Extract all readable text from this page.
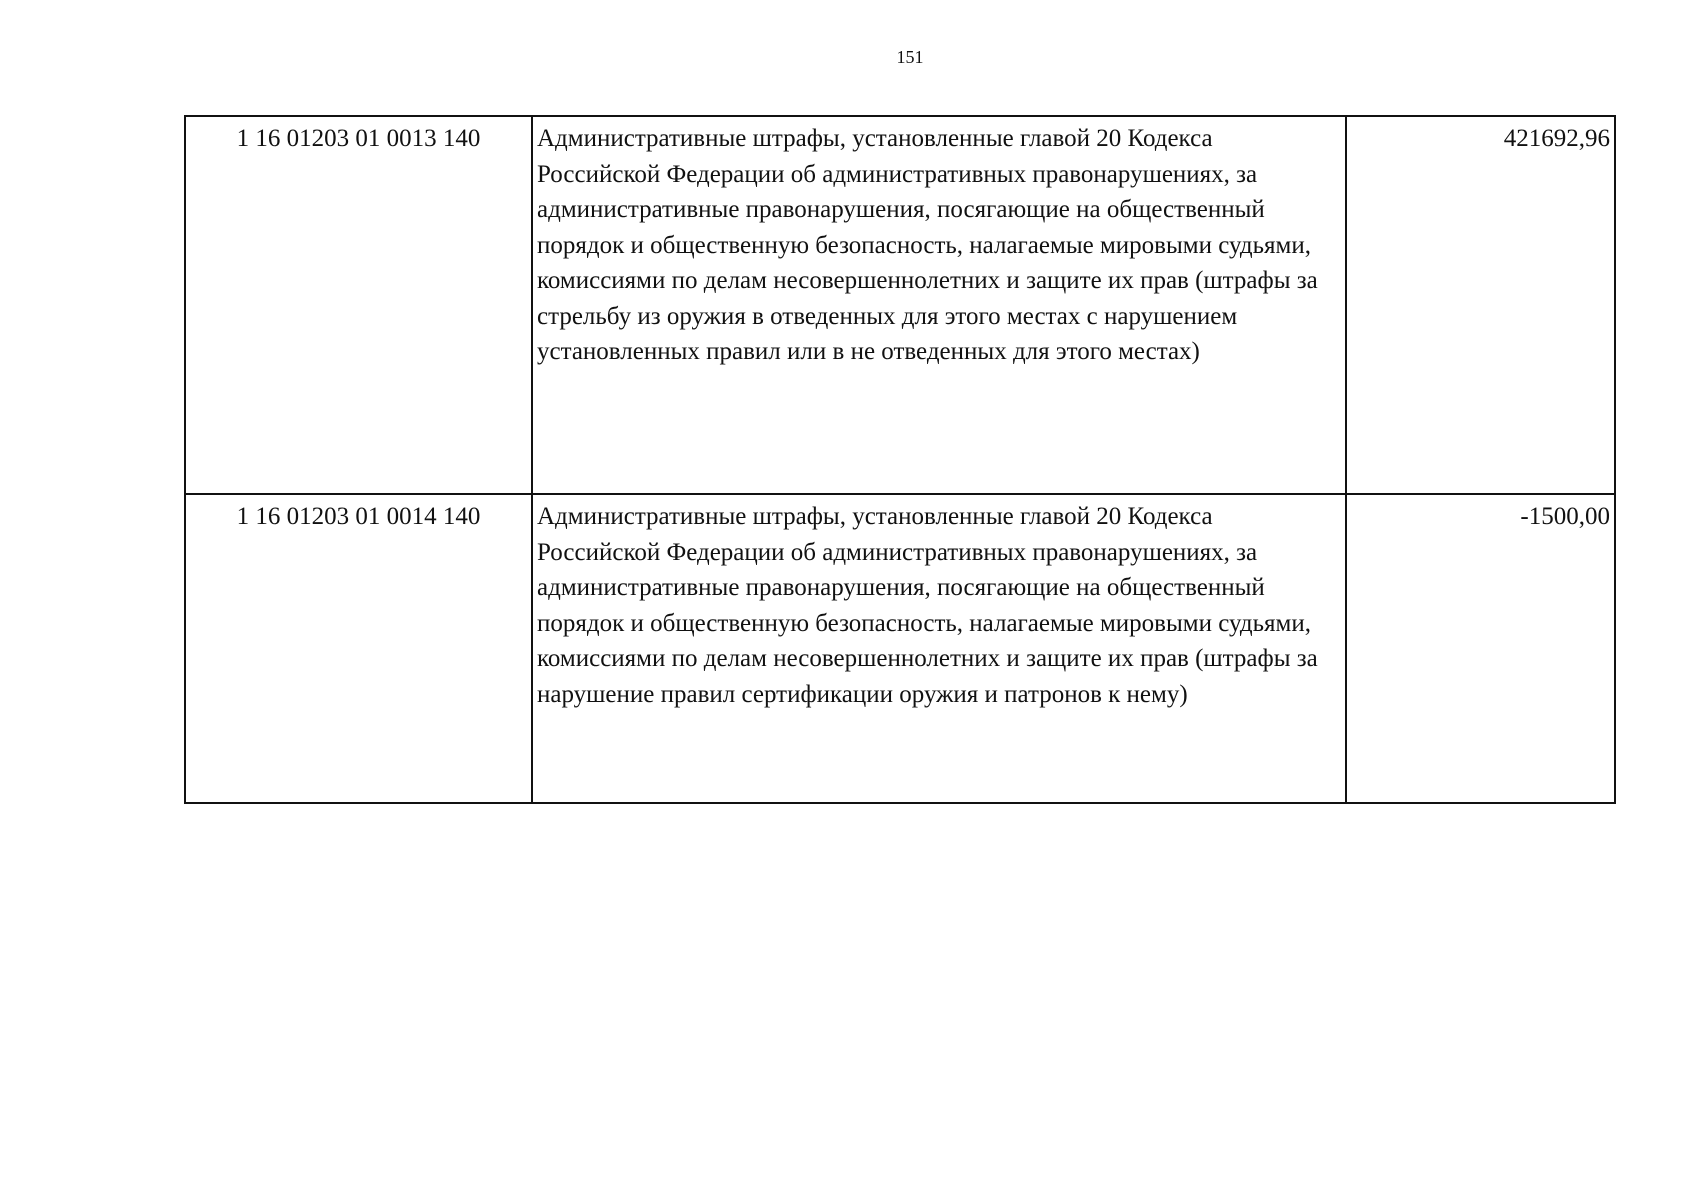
151
1 16 01203 01 0013 140	Административные штрафы, установленные главой 20 Кодекса Российской Федерации об административных правонарушениях, за административные правонарушения, посягающие на общественный порядок и общественную безопасность, налагаемые мировыми судьями, комиссиями по делам несовершеннолетних и защите их прав (штрафы за стрельбу из оружия в отведенных для этого местах с нарушением установленных правил или в не отведенных для этого местах)	421692,96
1 16 01203 01 0014 140	Административные штрафы, установленные главой 20 Кодекса Российской Федерации об административных правонарушениях, за административные правонарушения, посягающие на общественный порядок и общественную безопасность, налагаемые мировыми судьями, комиссиями по делам несовершеннолетних и защите их прав (штрафы за нарушение правил сертификации оружия и патронов к нему)	-1500,00
